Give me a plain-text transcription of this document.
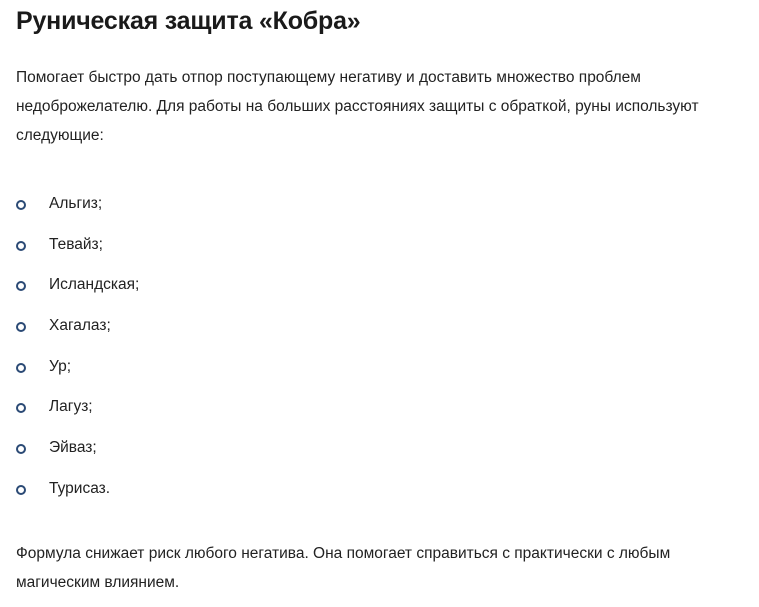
Руническая защита «Кобра»

Помогает быстро дать отпор поступающему негативу и доставить множество проблем недоброжелателю. Для работы на больших расстояниях защиты с обраткой, руны используют следующие:

Альгиз;
Тевайз;
Исландская;
Хагалаз;
Ур;
Лагуз;
Эйваз;
Турисаз.

Формула снижает риск любого негатива. Она помогает справиться с практически с любым магическим влиянием.
